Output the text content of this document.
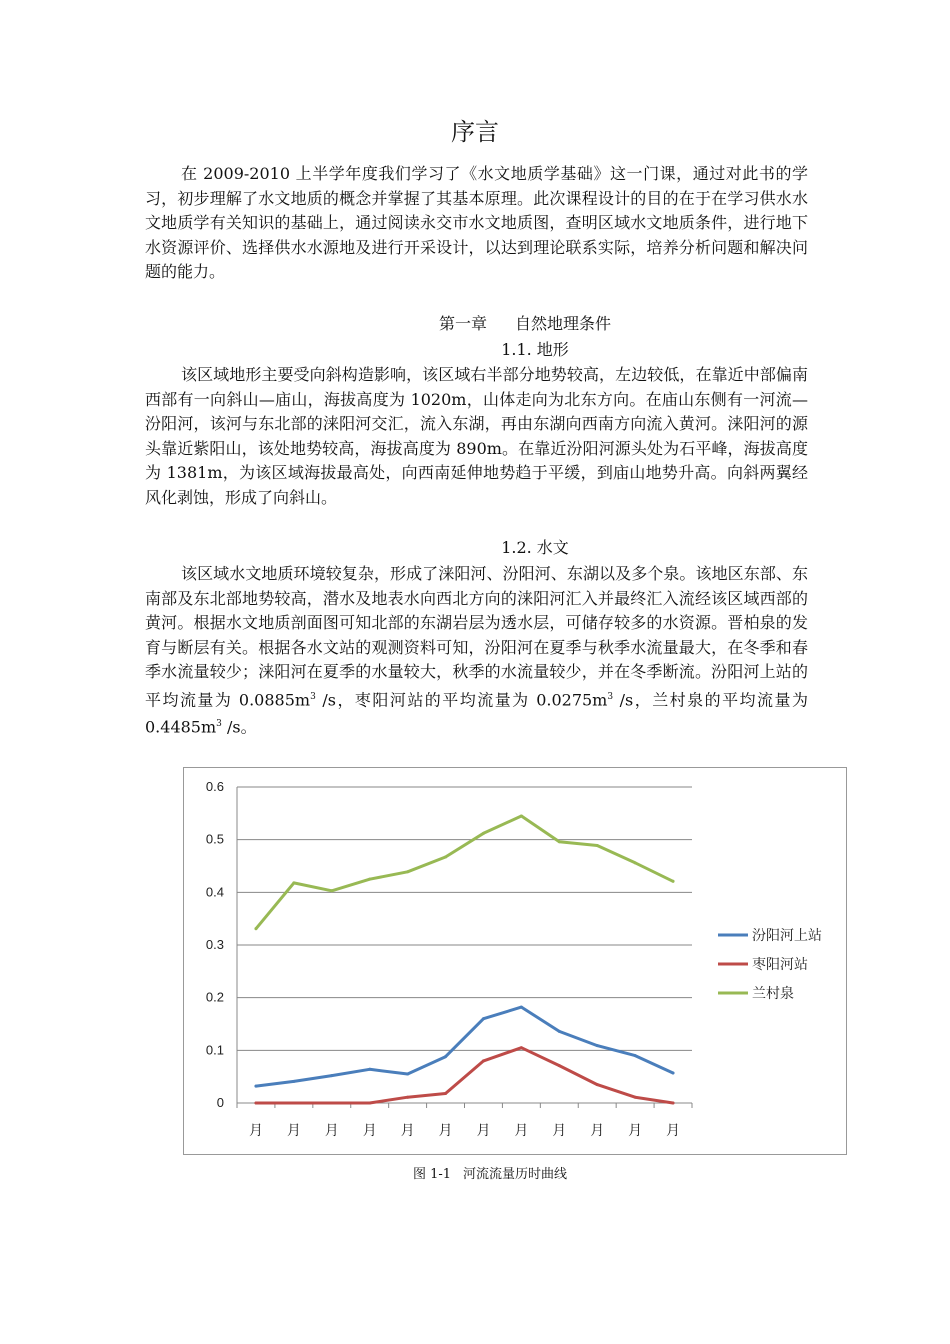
序言

在 2009-2010 上半学年度我们学习了《水文地质学基础》这一门课，通过对此书的学习，初步理解了水文地质的概念并掌握了其基本原理。此次课程设计的目的在于在学习供水水文地质学有关知识的基础上，通过阅读永交市水文地质图，查明区域水文地质条件，进行地下水资源评价、选择供水水源地及进行开采设计，以达到理论联系实际，培养分析问题和解决问题的能力。

第一章 自然地理条件
1.1. 地形

该区域地形主要受向斜构造影响，该区域右半部分地势较高，左边较低，在靠近中部偏南西部有一向斜山—庙山，海拔高度为 1020m，山体走向为北东方向。在庙山东侧有一河流—汾阳河，该河与东北部的涞阳河交汇，流入东湖，再由东湖向西南方向流入黄河。涞阳河的源头靠近紫阳山，该处地势较高，海拔高度为 890m。在靠近汾阳河源头处为石平峰，海拔高度为 1381m，为该区域海拔最高处，向西南延伸地势趋于平缓，到庙山地势升高。向斜两翼经风化剥蚀，形成了向斜山。

1.2. 水文

该区域水文地质环境较复杂，形成了涞阳河、汾阳河、东湖以及多个泉。该地区东部、东南部及东北部地势较高，潜水及地表水向西北方向的涞阳河汇入并最终汇入流经该区域西部的黄河。根据水文地质剖面图可知北部的东湖岩层为透水层，可储存较多的水资源。晋柏泉的发育与断层有关。根据各水文站的观测资料可知，汾阳河在夏季与秋季水流量最大，在冬季和春季水流量较少；涞阳河在夏季的水量较大，秋季的水流量较少，并在冬季断流。汾阳河上站的平均流量为 $0.0885m^3$ /s，枣阳河站的平均流量为 $0.0275m^3$ /s，兰村泉的平均流量为 $0.4485m^3$ /s。

0
0.1
0.2
0.3
0.4
0.5
0.6
月 月 月 月 月 月 月 月 月 月 月 月
汾阳河上站
枣阳河站
兰村泉
图 1-1 河流流量历时曲线
